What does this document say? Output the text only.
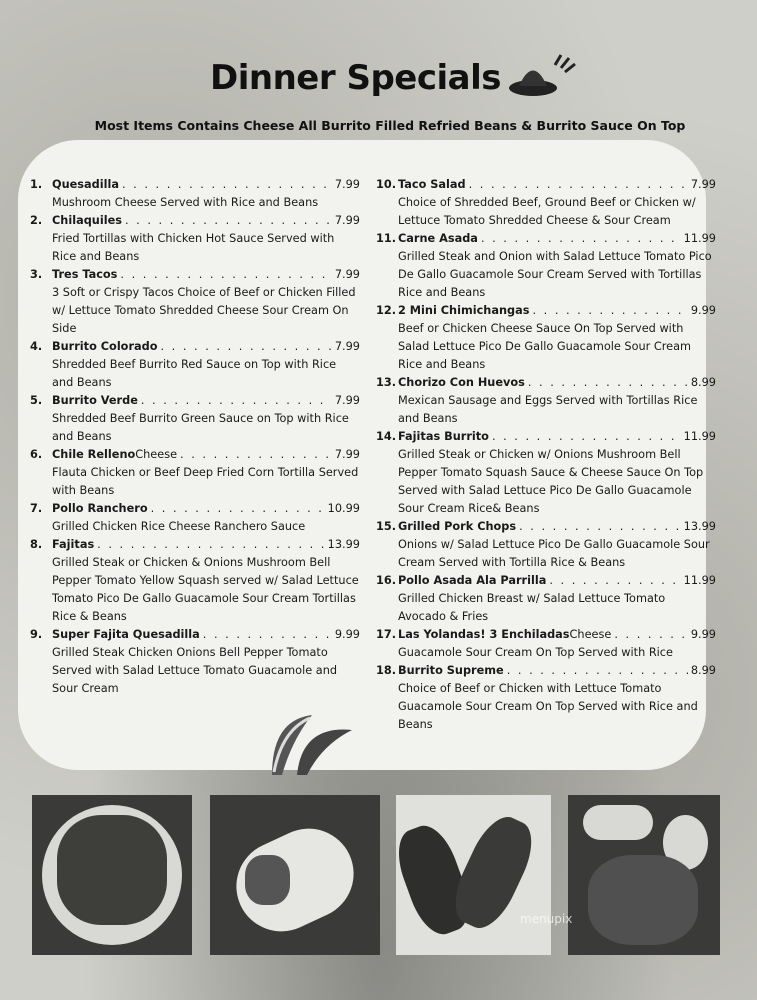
Dinner Specials
Most Items Contains Cheese All Burrito Filled Refried Beans & Burrito Sauce On Top
1. Quesadilla . . .	7.99
Mushroom Cheese Served with Rice and Beans
2. Chilaquiles . . .	7.99
Fried Tortillas with Chicken Hot Sauce Served with Rice and Beans
3. Tres Tacos . . .	7.99
3 Soft or Crispy Tacos Choice of Beef or Chicken Filled w/ Lettuce Tomato Shredded Cheese Sour Cream On Side
4. Burrito Colorado . . .	7.99
Shredded Beef Burrito Red Sauce on Top with Rice and Beans
5. Burrito Verde . . .	7.99
Shredded Beef Burrito Green Sauce on Top with Rice and Beans
6. Chile Relleno Cheese . . .	7.99
Flauta Chicken or Beef Deep Fried Corn Tortilla Served with Beans
7. Pollo Ranchero . . .	10.99
Grilled Chicken Rice Cheese Ranchero Sauce
8. Fajitas . . .	13.99
Grilled Steak or Chicken & Onions Mushroom Bell Pepper Tomato Yellow Squash served w/ Salad Lettuce Tomato Pico De Gallo Guacamole Sour Cream Tortillas Rice & Beans
9. Super Fajita Quesadilla . . .	9.99
Grilled Steak Chicken Onions Bell Pepper Tomato Served with Salad Lettuce Tomato Guacamole and Sour Cream
10. Taco Salad . . .	7.99
Choice of Shredded Beef, Ground Beef or Chicken w/ Lettuce Tomato Shredded Cheese & Sour Cream
11. Carne Asada . . .	11.99
Grilled Steak and Onion with Salad Lettuce Tomato Pico De Gallo Guacamole Sour Cream Served with Tortillas Rice and Beans
12. 2 Mini Chimichangas . . .	9.99
Beef or Chicken Cheese Sauce On Top Served with Salad Lettuce Pico De Gallo Guacamole Sour Cream Rice and Beans
13. Chorizo Con Huevos . . .	8.99
Mexican Sausage and Eggs Served with Tortillas Rice and Beans
14. Fajitas Burrito . . .	11.99
Grilled Steak or Chicken w/ Onions Mushroom Bell Pepper Tomato Squash Sauce & Cheese Sauce On Top Served with Salad Lettuce Pico De Gallo Guacamole Sour Cream Rice& Beans
15. Grilled Pork Chops . . .	13.99
Onions w/ Salad Lettuce Pico De Gallo Guacamole Sour Cream Served with Tortilla Rice & Beans
16. Pollo Asada Ala Parrilla . . .	11.99
Grilled Chicken Breast w/ Salad Lettuce Tomato Avocado & Fries
17. Las Yolandas! 3 Enchiladas Cheese . . .	9.99
Guacamole Sour Cream On Top Served with Rice
18. Burrito Supreme . . .	8.99
Choice of Beef or Chicken with Lettuce Tomato Guacamole Sour Cream On Top Served with Rice and Beans
menupix
